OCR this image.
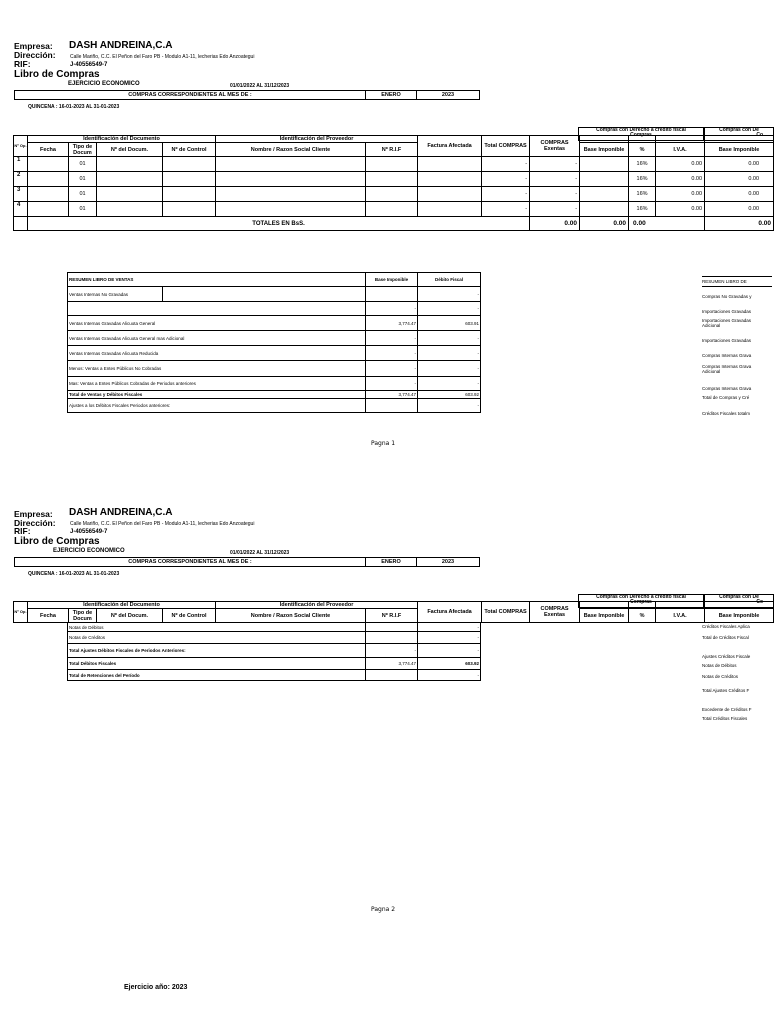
Empresa: DASH ANDREINA,C.A
Dirección:	Calle Mariño, C.C. El Peñon del Faro PB - Modulo A1-11, lecherias Edo Anzoategui
RIF:	J-40556549-7
Libro de Compras
EJERCICIO ECONOMICO	01/01/2022 AL 31/12/2023
COMPRAS CORRESPONDIENTES AL MES DE :	ENERO	2023
QUINCENA : 16-01-2023 AL 31-01-2023
Compras con Derecho a credito fiscal
Compras
Compras con De
Co
Nº Op.	Identificación del Documento				Identificación del Proveedor		Factura Afectada	Total COMPRAS	COMPRAS Exentas				
	Fecha	Tipo de Docum	Nº del Docum.	Nº de Control	Nombre / Razon Social Cliente	Nº R.I.F				Base Imponible	%	I.V.A.	Base Imponible
1		01						-	-		16%	0.00	0.00
2		01						-	-		16%	0.00	0.00
3		01						-	-		16%	0.00	0.00
4		01						-	-		16%	0.00	0.00
	TOTALES EN BsS.								0.00	0.00	0.00		0.00
RESUMEN LIBRO DE VENTAS		Base Imponible	Débito Fiscal
Ventas Internas No Gravadas			-
		-	-
Ventas Internas Gravadas Alicuota General		3,774.47	603.91
Ventas Internas Gravadas Alicuota General mas Adicional		-	-
Ventas Internas Gravadas Alicuota Reducida		-	-
Menos: Ventas a Entes Públicos No Cobradas		-	-
Mas: Ventas a Entes Públicos Cobradas de Periodos anteriores		-	-
Total de Ventas y Débitos Fiscales		3,774.47	603.92
Ajustes a los Débitos Fiscales Periodos anteriores:			-
RESUMEN LIBRO DE
Compras No Gravadas y
Importaciones Gravadas
Importaciones Gravadas
Adicional
Importaciones Gravadas
Compras Internas Grava
Compras Internas Grava
Adicional
Compras Internas Grava
Total de Compras y Cré
Créditos Fiscales totalm
Pagna 1
Empresa: DASH ANDREINA,C.A
Dirección:	Calle Mariño, C.C. El Peñon del Faro PB - Modulo A1-11, lecherias Edo Anzoategui
RIF:	J-40556549-7
Libro de Compras
EJERCICIO ECONOMICO	01/01/2022 AL 31/12/2023
COMPRAS CORRESPONDIENTES AL MES DE :	ENERO	2023
QUINCENA : 16-01-2023 AL 31-01-2023
Compras con Derecho a credito fiscal
Compras
Compras con De
Co
Nº Op.	Identificación del Documento				Identificación del Proveedor		Factura Afectada	Total COMPRAS	COMPRAS Exentas				
	Fecha	Tipo de Docum	Nº del Docum.	Nº de Control	Nombre / Razon Social Cliente	Nº R.I.F				Base Imponible	%	I.V.A.	Base Imponible
Notas de Débitos		-
Notas de Créditos		-
Total Ajustes Débitos Fiscales de Periodos Anteriores:	-	-
Total Débitos Fiscales	3,774.47	603.92
Total de Retenciones del Período		-
Créditos Fiscales Aplica
Total de Créditos Fiscal
Ajustes Créditos Fiscale
Notas de Débitos
Notas de Créditos
Total Ajustes Créditos F
Excedente de Créditos F
Total Créditos Fiscales
Pagna 2
Ejercicio año: 2023
